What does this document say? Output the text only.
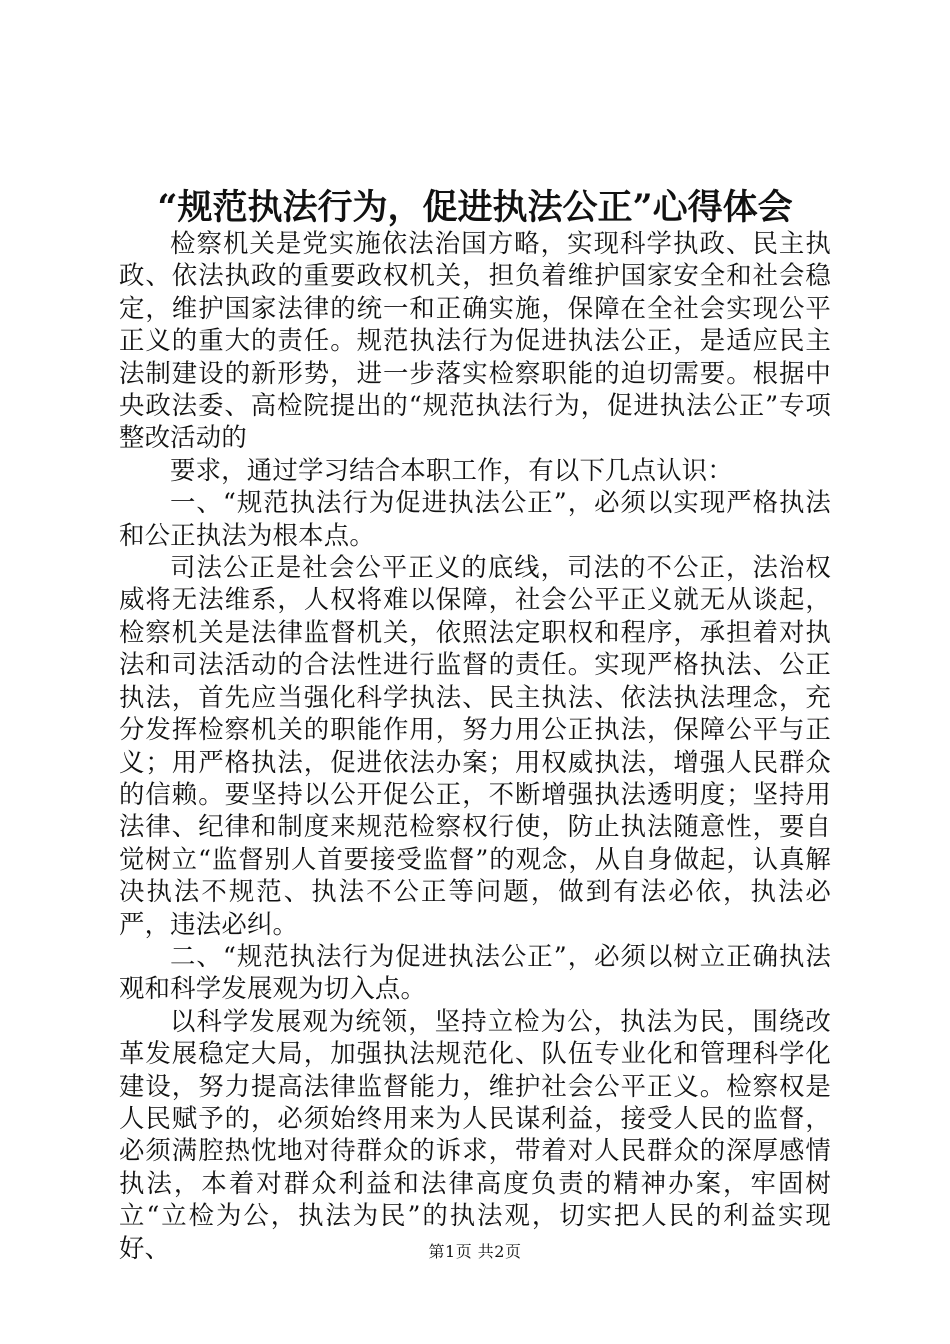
“规范执法行为，促进执法公正”心得体会

检察机关是党实施依法治国方略，实现科学执政、民主执政、依法执政的重要政权机关，担负着维护国家安全和社会稳定，维护国家法律的统一和正确实施，保障在全社会实现公平正义的重大的责任。规范执法行为促进执法公正，是适应民主法制建设的新形势，进一步落实检察职能的迫切需要。根据中央政法委、高检院提出的“规范执法行为，促进执法公正”专项整改活动的

要求，通过学习结合本职工作，有以下几点认识：

一、“规范执法行为促进执法公正”，必须以实现严格执法和公正执法为根本点。

司法公正是社会公平正义的底线，司法的不公正，法治权威将无法维系，人权将难以保障，社会公平正义就无从谈起，检察机关是法律监督机关，依照法定职权和程序，承担着对执法和司法活动的合法性进行监督的责任。实现严格执法、公正执法，首先应当强化科学执法、民主执法、依法执法理念，充分发挥检察机关的职能作用，努力用公正执法，保障公平与正义；用严格执法，促进依法办案；用权威执法，增强人民群众的信赖。要坚持以公开促公正，不断增强执法透明度；坚持用法律、纪律和制度来规范检察权行使，防止执法随意性，要自觉树立“监督别人首要接受监督”的观念，从自身做起，认真解决执法不规范、执法不公正等问题，做到有法必依，执法必严，违法必纠。

二、“规范执法行为促进执法公正”，必须以树立正确执法观和科学发展观为切入点。

以科学发展观为统领，坚持立检为公，执法为民，围绕改革发展稳定大局，加强执法规范化、队伍专业化和管理科学化建设，努力提高法律监督能力，维护社会公平正义。检察权是人民赋予的，必须始终用来为人民谋利益，接受人民的监督，必须满腔热忱地对待群众的诉求，带着对人民群众的深厚感情执法，本着对群众利益和法律高度负责的精神办案，牢固树立“立检为公，执法为民”的执法观，切实把人民的利益实现好、	第1页 共2页
